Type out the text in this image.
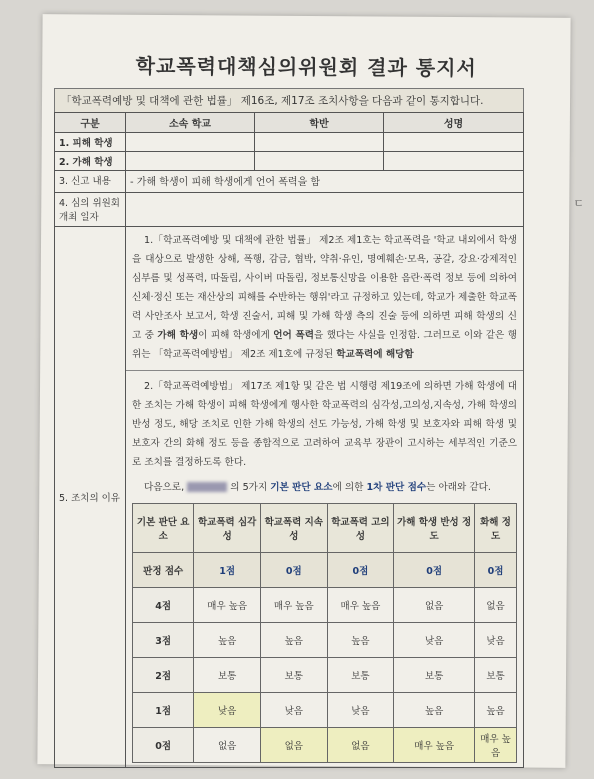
학교폭력대책심의위원회 결과 통지서
「학교폭력예방 및 대책에 관한 법률」 제16조, 제17조 조치사항을 다음과 같이 통지합니다.
구분	소속 학교	학반	성명
1. 피해 학생			
2. 가해 학생			
3. 신고 내용	- 가해 학생이 피해 학생에게 언어 폭력을 함
4. 심의 위원회 개최 일자	
5. 조치의 이유	
1.「학교폭력예방 및 대책에 관한 법률」 제2조 제1호는 학교폭력을 '학교 내외에서 학생을 대상으로 발생한 상해, 폭행, 감금, 협박, 약취·유인, 명예훼손·모욕, 공갈, 강요·강제적인 심부름 및 성폭력, 따돌림, 사이버 따돌림, 정보통신망을 이용한 음란·폭력 정보 등에 의하여 신체·정신 또는 재산상의 피해를 수반하는 행위'라고 규정하고 있는데, 학교가 제출한 학교폭력 사안조사 보고서, 학생 진술서, 피해 및 가해 학생 측의 진술 등에 의하면 피해 학생의 신고 중 가해 학생이 피해 학생에게 언어 폭력을 했다는 사실을 인정함. 그러므로 이와 같은 행위는 「학교폭력예방법」 제2조 제1호에 규정된 학교폭력에 해당함
2.「학교폭력예방법」 제17조 제1항 및 같은 법 시행령 제19조에 의하면 가해 학생에 대한 조치는 가해 학생이 피해 학생에게 행사한 학교폭력의 심각성,고의성,지속성, 가해 학생의 반성 정도, 해당 조치로 인한 가해 학생의 선도 가능성, 가해 학생 및 보호자와 피해 학생 및 보호자 간의 화해 정도 등을 종합적으로 고려하여 교육부 장관이 고시하는 세부적인 기준으로 조치를 결정하도록 한다.
다음으로,	의 5가지 기본 판단 요소에 의한 1차 판단 점수는 아래와 같다.
기본 판단 요소	학교폭력 심각성	학교폭력 지속성	학교폭력 고의성	가해 학생 반성 정도	화해 정도
판정 점수	1점	0점	0점	0점	0점
4점	매우 높음	매우 높음	매우 높음	없음	없음
3점	높음	높음	높음	낮음	낮음
2점	보통	보통	보통	보통	보통
1점	낮음	낮음	낮음	높음	높음
0점	없음	없음	없음	매우 높음	매우 높음
ㄷ
